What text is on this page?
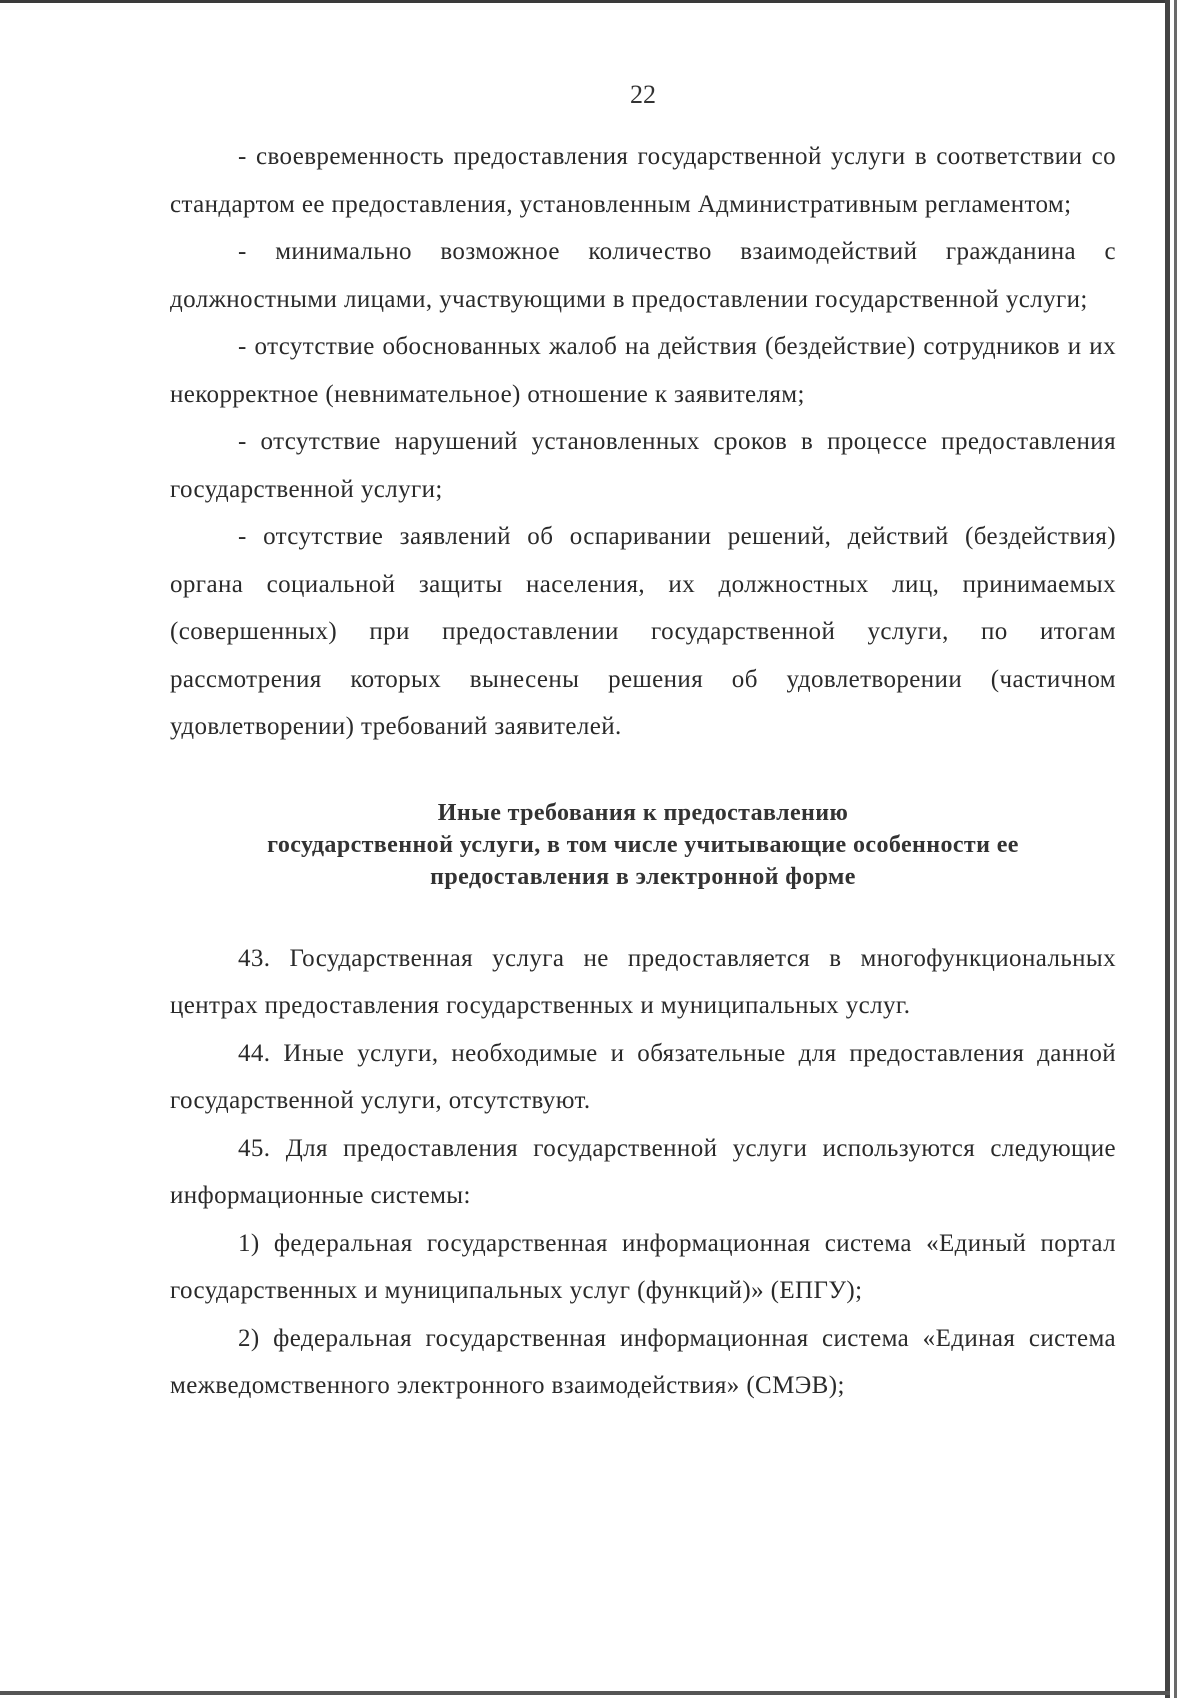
22

- своевременность предоставления государственной услуги в соответствии со стандартом ее предоставления, установленным Административным регламентом;

- минимально возможное количество взаимодействий гражданина с должностными лицами, участвующими в предоставлении государственной услуги;

- отсутствие обоснованных жалоб на действия (бездействие) сотрудников и их некорректное (невнимательное) отношение к заявителям;

- отсутствие нарушений установленных сроков в процессе предоставления государственной услуги;

- отсутствие заявлений об оспаривании решений, действий (бездействия) органа социальной защиты населения, их должностных лиц, принимаемых (совершенных) при предоставлении государственной услуги, по итогам рассмотрения которых вынесены решения об удовлетворении (частичном удовлетворении) требований заявителей.

Иные требования к предоставлению
государственной услуги, в том числе учитывающие особенности ее
предоставления в электронной форме

43. Государственная услуга не предоставляется в многофункциональных центрах предоставления государственных и муниципальных услуг.

44. Иные услуги, необходимые и обязательные для предоставления данной государственной услуги, отсутствуют.

45. Для предоставления государственной услуги используются следующие информационные системы:

1) федеральная государственная информационная система «Единый портал государственных и муниципальных услуг (функций)» (ЕПГУ);

2) федеральная государственная информационная система «Единая система межведомственного электронного взаимодействия» (СМЭВ);
